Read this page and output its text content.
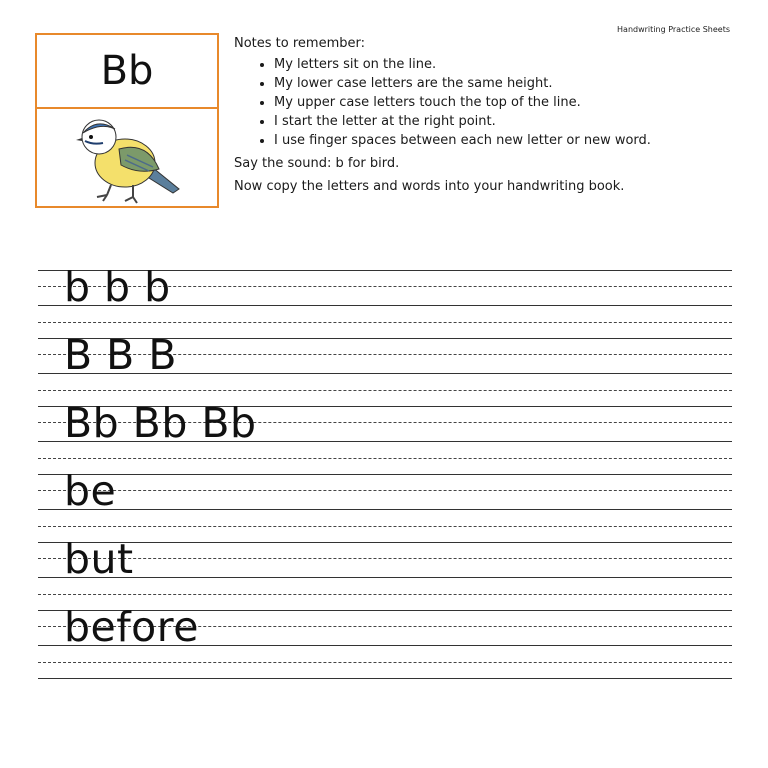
Handwriting Practice Sheets
Bb
Notes to remember:
• My letters sit on the line.
• My lower case letters are the same height.
• My upper case letters touch the top of the line.
• I start the letter at the right point.
• I use finger spaces between each new letter or new word.

Say the sound: b for bird.

Now copy the letters and words into your handwriting book.

b b b
B B B
Bb Bb Bb
be
but
before
